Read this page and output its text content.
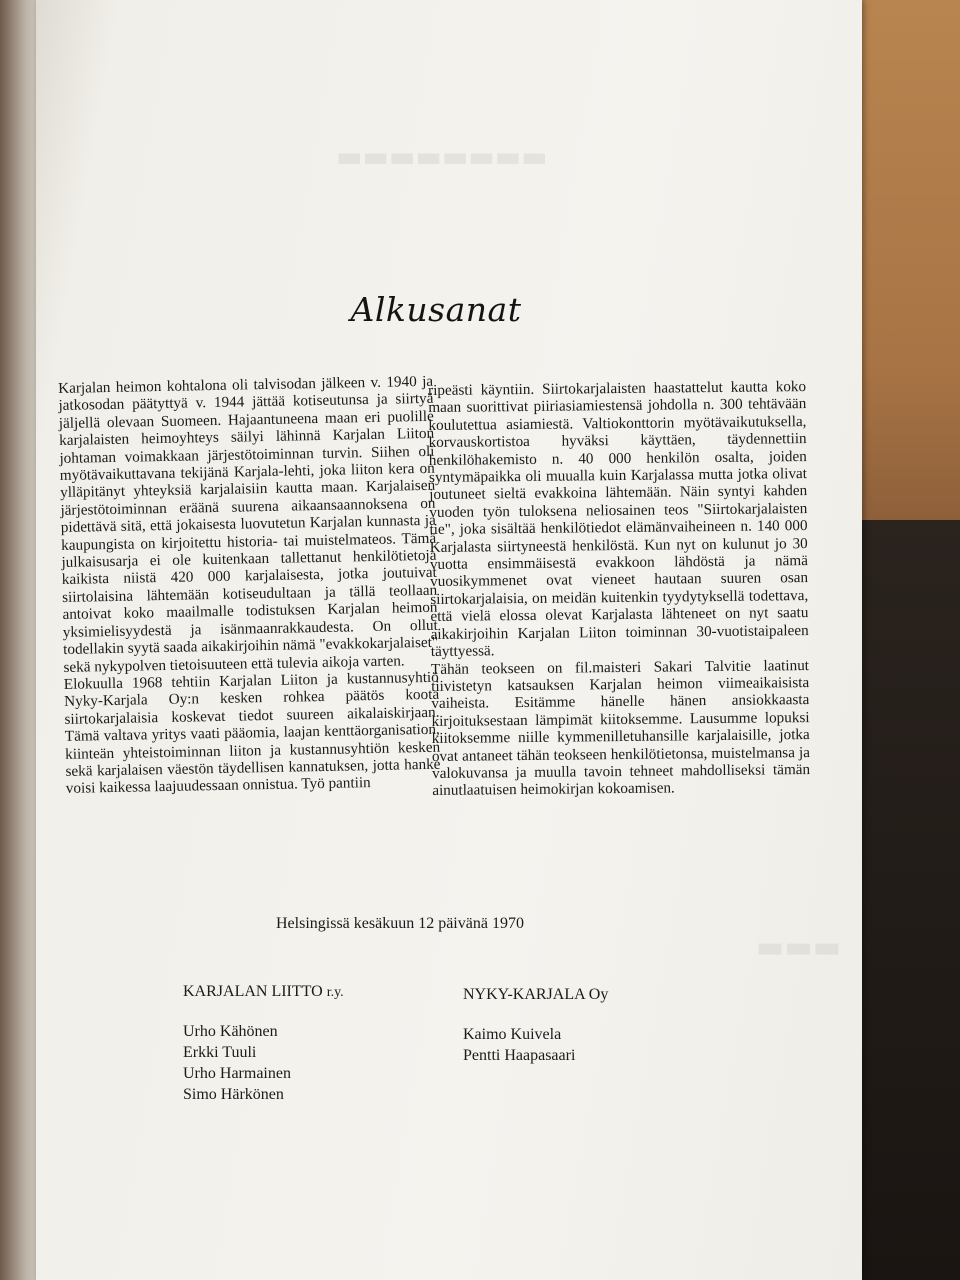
▬▬▬▬▬▬▬▬
▬▬▬
Alkusanat

Karjalan heimon kohtalona oli talvisodan jälkeen v. 1940 ja jatkosodan päätyttyä v. 1944 jättää kotiseutunsa ja siirtyä jäljellä olevaan Suomeen. Hajaantuneena maan eri puolille karjalaisten heimoyhteys säilyi lähinnä Karjalan Liiton johtaman voimakkaan järjestötoiminnan turvin. Siihen oli myötävaikuttavana tekijänä Karjala-lehti, joka liiton kera on ylläpitänyt yhteyksiä karjalaisiin kautta maan. Karjalaisen järjestötoiminnan eräänä suurena aikaansaannoksena on pidettävä sitä, että jokaisesta luovutetun Karjalan kunnasta ja kaupungista on kirjoitettu historia- tai muistelmateos. Tämä julkaisusarja ei ole kuitenkaan tallettanut henkilötietoja kaikista niistä 420 000 karjalaisesta, jotka joutuivat siirtolaisina lähtemään kotiseudultaan ja tällä teollaan antoivat koko maailmalle todistuksen Karjalan heimon yksimielisyydestä ja isänmaanrakkaudesta. On ollut todellakin syytä saada aikakirjoihin nämä "evakkokarjalaiset" sekä nykypolven tietoisuuteen että tulevia aikoja varten.

Elokuulla 1968 tehtiin Karjalan Liiton ja kustannusyhtiö Nyky-Karjala Oy:n kesken rohkea päätös koota siirtokarjalaisia koskevat tiedot suureen aikalaiskirjaan. Tämä valtava yritys vaati pääomia, laajan kenttäorganisation, kiinteän yhteistoiminnan liiton ja kustannusyhtiön kesken sekä karjalaisen väestön täydellisen kannatuksen, jotta hanke voisi kaikessa laajuudessaan onnistua. Työ pantiin

ripeästi käyntiin. Siirtokarjalaisten haastattelut kautta koko maan suorittivat piiriasiamiestensä johdolla n. 300 tehtävään koulutettua asiamiestä. Valtiokonttorin myötävaikutuksella, korvauskortistoa hyväksi käyttäen, täydennettiin henkilöhakemisto n. 40 000 henkilön osalta, joiden syntymäpaikka oli muualla kuin Karjalassa mutta jotka olivat joutuneet sieltä evakkoina lähtemään. Näin syntyi kahden vuoden työn tuloksena neliosainen teos "Siirtokarjalaisten tie", joka sisältää henkilötiedot elämänvaiheineen n. 140 000 Karjalasta siirtyneestä henkilöstä. Kun nyt on kulunut jo 30 vuotta ensimmäisestä evakkoon lähdöstä ja nämä vuosikymmenet ovat vieneet hautaan suuren osan siirtokarjalaisia, on meidän kuitenkin tyydytyksellä todettava, että vielä elossa olevat Karjalasta lähteneet on nyt saatu aikakirjoihin Karjalan Liiton toiminnan 30-vuotistaipaleen täyttyessä.

Tähän teokseen on fil.maisteri Sakari Talvitie laatinut tiivistetyn katsauksen Karjalan heimon viimeaikaisista vaiheista. Esitämme hänelle hänen ansiokkaasta kirjoituksestaan lämpimät kiitoksemme. Lausumme lopuksi kiitoksemme niille kymmenilletuhansille karjalaisille, jotka ovat antaneet tähän teokseen henkilötietonsa, muistelmansa ja valokuvansa ja muulla tavoin tehneet mahdolliseksi tämän ainutlaatuisen heimokirjan kokoamisen.

Helsingissä kesäkuun 12 päivänä 1970
KARJALAN LIITTO r.y.
Urho Kähönen
Erkki Tuuli
Urho Harmainen
Simo Härkönen
NYKY-KARJALA Oy
Kaimo Kuivela
Pentti Haapasaari
